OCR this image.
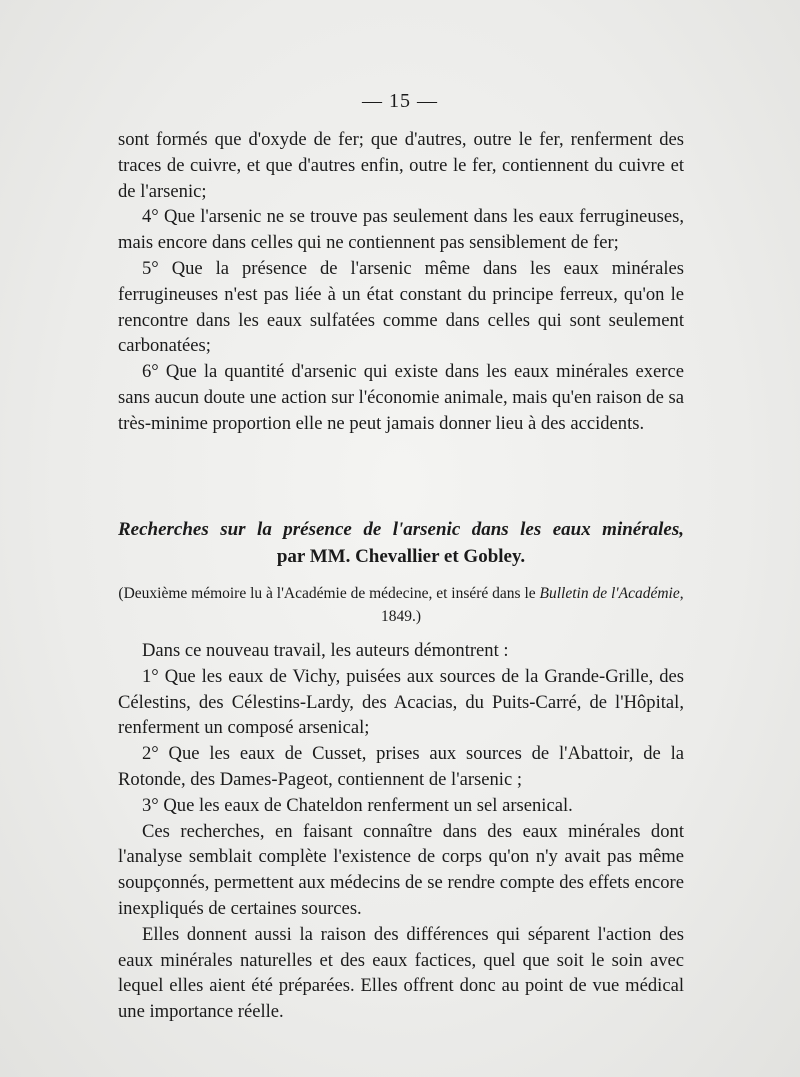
— 15 —

sont formés que d'oxyde de fer; que d'autres, outre le fer, renferment des traces de cuivre, et que d'autres enfin, outre le fer, contiennent du cuivre et de l'arsenic;

4° Que l'arsenic ne se trouve pas seulement dans les eaux ferrugineuses, mais encore dans celles qui ne contiennent pas sensiblement de fer;

5° Que la présence de l'arsenic même dans les eaux minérales ferrugineuses n'est pas liée à un état constant du principe ferreux, qu'on le rencontre dans les eaux sulfatées comme dans celles qui sont seulement carbonatées;

6° Que la quantité d'arsenic qui existe dans les eaux minérales exerce sans aucun doute une action sur l'économie animale, mais qu'en raison de sa très-minime proportion elle ne peut jamais donner lieu à des accidents.

Recherches sur la présence de l'arsenic dans les eaux minérales,
par MM. Chevallier et Gobley.

(Deuxième mémoire lu à l'Académie de médecine, et inséré dans le Bulletin de l'Académie, 1849.)

Dans ce nouveau travail, les auteurs démontrent :

1° Que les eaux de Vichy, puisées aux sources de la Grande-Grille, des Célestins, des Célestins-Lardy, des Acacias, du Puits-Carré, de l'Hôpital, renferment un composé arsenical;

2° Que les eaux de Cusset, prises aux sources de l'Abattoir, de la Rotonde, des Dames-Pageot, contiennent de l'arsenic ;

3° Que les eaux de Chateldon renferment un sel arsenical.

Ces recherches, en faisant connaître dans des eaux minérales dont l'analyse semblait complète l'existence de corps qu'on n'y avait pas même soupçonnés, permettent aux médecins de se rendre compte des effets encore inexpliqués de certaines sources.

Elles donnent aussi la raison des différences qui séparent l'action des eaux minérales naturelles et des eaux factices, quel que soit le soin avec lequel elles aient été préparées. Elles offrent donc au point de vue médical une importance réelle.
